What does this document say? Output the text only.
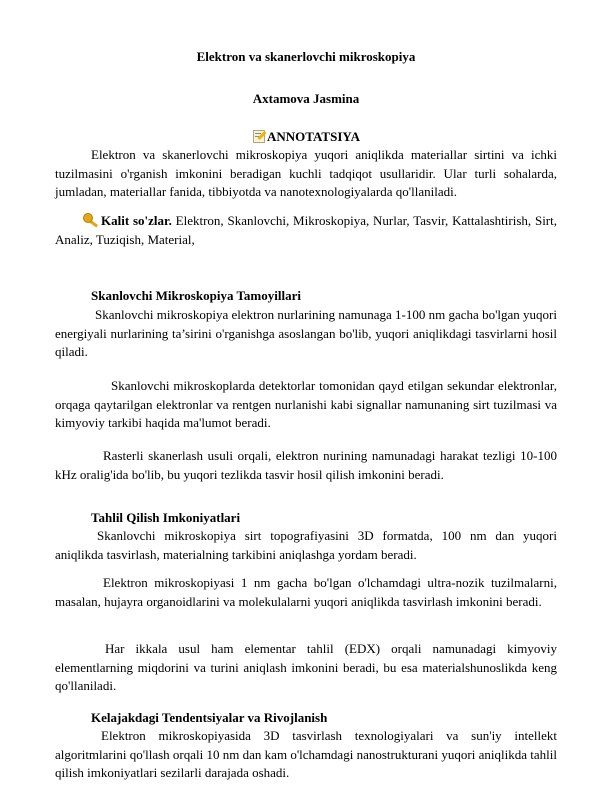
Elektron va skanerlovchi mikroskopiya
Axtamova Jasmina
ANNOTATSIYA

Elektron va skanerlovchi mikroskopiya yuqori aniqlikda materiallar sirtini va ichki tuzilmasini o'rganish imkonini beradigan kuchli tadqiqot usullaridir. Ular turli sohalarda, jumladan, materiallar fanida, tibbiyotda va nanotexnologiyalarda qo'llaniladi.

Kalit so'zlar. Elektron, Skanlovchi, Mikroskopiya, Nurlar, Tasvir, Kattalashtirish, Sirt, Analiz, Tuziqish, Material,

Skanlovchi Mikroskopiya Tamoyillari

Skanlovchi mikroskopiya elektron nurlarining namunaga 1-100 nm gacha bo'lgan yuqori energiyali nurlarining ta’sirini o'rganishga asoslangan bo'lib, yuqori aniqlikdagi tasvirlarni hosil qiladi.

Skanlovchi mikroskoplarda detektorlar tomonidan qayd etilgan sekundar elektronlar, orqaga qaytarilgan elektronlar va rentgen nurlanishi kabi signallar namunaning sirt tuzilmasi va kimyoviy tarkibi haqida ma'lumot beradi.

Rasterli skanerlash usuli orqali, elektron nurining namunadagi harakat tezligi 10-100 kHz oralig'ida bo'lib, bu yuqori tezlikda tasvir hosil qilish imkonini beradi.

Tahlil Qilish Imkoniyatlari

Skanlovchi mikroskopiya sirt topografiyasini 3D formatda, 100 nm dan yuqori aniqlikda tasvirlash, materialning tarkibini aniqlashga yordam beradi.

Elektron mikroskopiyasi 1 nm gacha bo'lgan o'lchamdagi ultra-nozik tuzilmalarni, masalan, hujayra organoidlarini va molekulalarni yuqori aniqlikda tasvirlash imkonini beradi.

Har ikkala usul ham elementar tahlil (EDX) orqali namunadagi kimyoviy elementlarning miqdorini va turini aniqlash imkonini beradi, bu esa materialshunoslikda keng qo'llaniladi.

Kelajakdagi Tendentsiyalar va Rivojlanish

Elektron mikroskopiyasida 3D tasvirlash texnologiyalari va sun'iy intellekt algoritmlarini qo'llash orqali 10 nm dan kam o'lchamdagi nanostrukturani yuqori aniqlikda tahlil qilish imkoniyatlari sezilarli darajada oshadi.
